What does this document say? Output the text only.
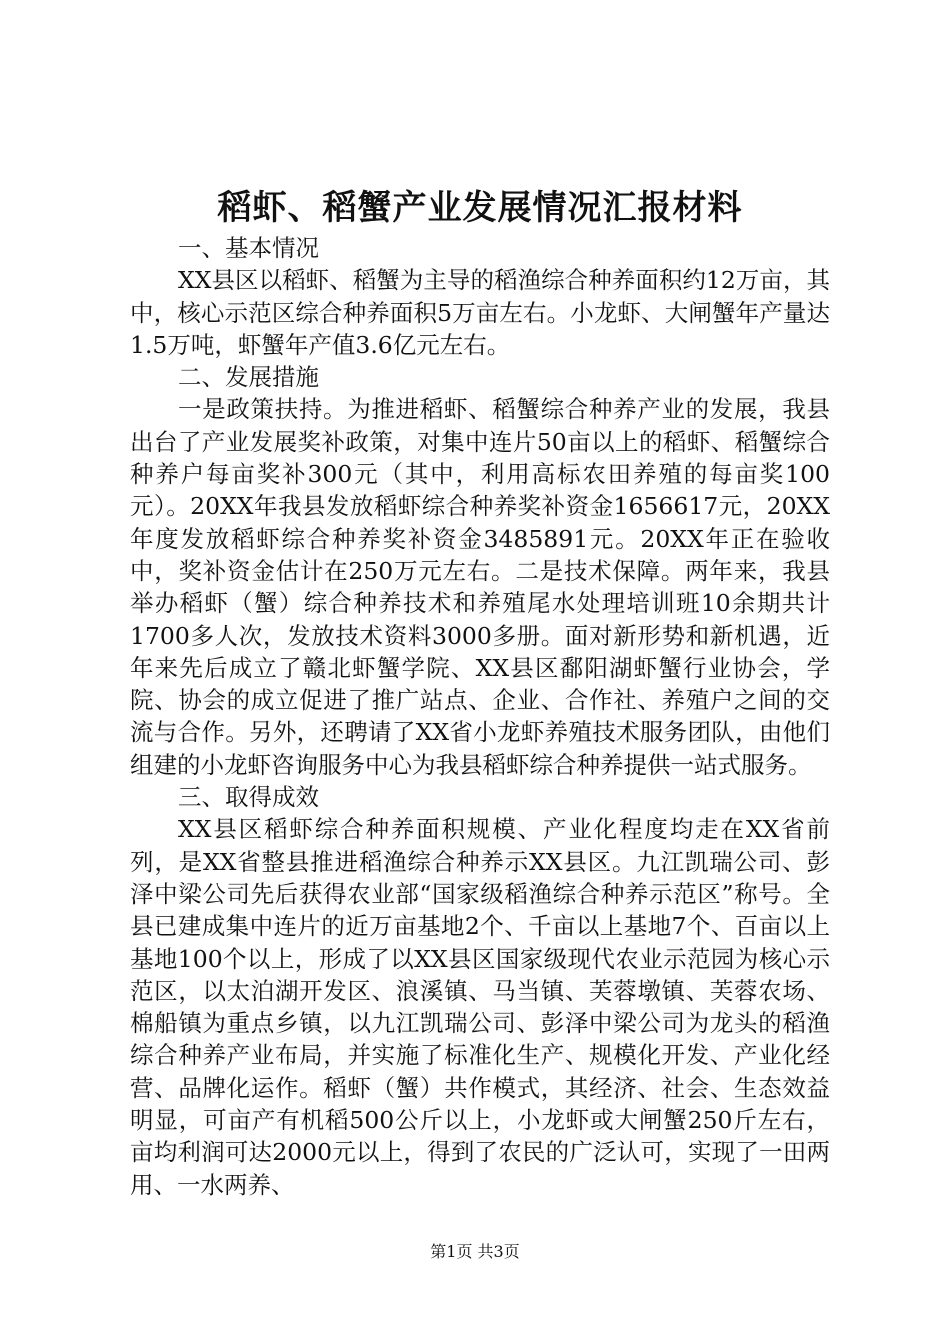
稻虾、稻蟹产业发展情况汇报材料

一、基本情况

XX县区以稻虾、稻蟹为主导的稻渔综合种养面积约12万亩，其中，核心示范区综合种养面积5万亩左右。小龙虾、大闸蟹年产量达1.5万吨，虾蟹年产值3.6亿元左右。

二、发展措施

一是政策扶持。为推进稻虾、稻蟹综合种养产业的发展，我县出台了产业发展奖补政策，对集中连片50亩以上的稻虾、稻蟹综合种养户每亩奖补300元（其中，利用高标农田养殖的每亩奖100元）。20XX年我县发放稻虾综合种养奖补资金1656617元，20XX年度发放稻虾综合种养奖补资金3485891元。20XX年正在验收中，奖补资金估计在250万元左右。二是技术保障。两年来，我县举办稻虾（蟹）综合种养技术和养殖尾水处理培训班10余期共计1700多人次，发放技术资料3000多册。面对新形势和新机遇，近年来先后成立了赣北虾蟹学院、XX县区鄱阳湖虾蟹行业协会，学院、协会的成立促进了推广站点、企业、合作社、养殖户之间的交流与合作。另外，还聘请了XX省小龙虾养殖技术服务团队，由他们组建的小龙虾咨询服务中心为我县稻虾综合种养提供一站式服务。

三、取得成效

XX县区稻虾综合种养面积规模、产业化程度均走在XX省前列，是XX省整县推进稻渔综合种养示XX县区。九江凯瑞公司、彭泽中梁公司先后获得农业部“国家级稻渔综合种养示范区”称号。全县已建成集中连片的近万亩基地2个、千亩以上基地7个、百亩以上基地100个以上，形成了以XX县区国家级现代农业示范园为核心示范区，以太泊湖开发区、浪溪镇、马当镇、芙蓉墩镇、芙蓉农场、棉船镇为重点乡镇，以九江凯瑞公司、彭泽中梁公司为龙头的稻渔综合种养产业布局，并实施了标准化生产、规模化开发、产业化经营、品牌化运作。稻虾（蟹）共作模式，其经济、社会、生态效益明显，可亩产有机稻500公斤以上，小龙虾或大闸蟹250斤左右，亩均利润可达2000元以上，得到了农民的广泛认可，实现了一田两用、一水两养、

第1页 共3页
